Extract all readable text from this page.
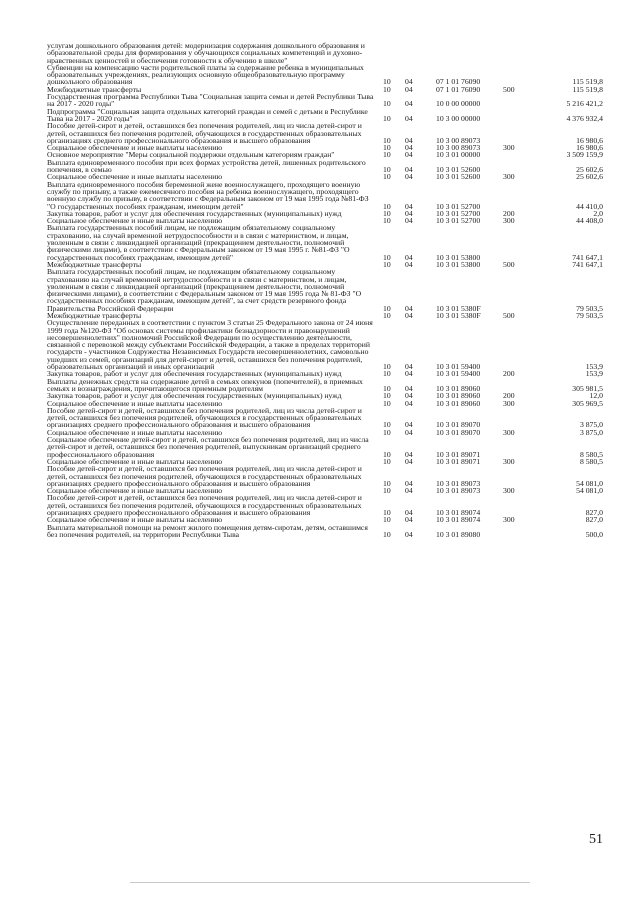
услугам дошкольного образования детей: модернизация содержания дошкольного образования и образовательной среды для формирования у обучающихся социальных компетенций и духовно-нравственных ценностей и обеспечения готовности к обучению в школе"
Субвенции на компенсацию части родительской платы за содержание ребенка в муниципальных образовательных учреждениях, реализующих основную общеобразовательную программу дошкольного образования	10	04	07 1 01 76090	115 519,8
Межбюджетные трансферты	10	04	07 1 01 76090	500	115 519,8
Государственная программа Республики Тыва "Социальная защита семьи и детей Республики Тыва на 2017 - 2020 годы"	10	04	10 0 00 00000	5 216 421,2
Подпрограмма "Социальная защита отдельных категорий граждан и семей с детьми в Республике Тыва на 2017 - 2020 годы"	10	04	10 3 00 00000	4 376 932,4
Пособие детей-сирот и детей, оставшихся без попечения родителей, лиц из числа детей-сирот и детей, оставшихся без попечения родителей, обучающихся в государственных образовательных организациях среднего профессионального образования и высшего образования	10	04	10 3 00 89073	16 980,6
Социальное обеспечение и иные выплаты населению	10	04	10 3 00 89073	300	16 980,6
Основное мероприятие "Меры социальной поддержки отдельным категориям граждан"	10	04	10 3 01 00000	3 509 159,9
Выплата единовременного пособия при всех формах устройства детей, лишенных родительского попечения, в семью	10	04	10 3 01 52600	25 602,6
Социальное обеспечение и иные выплаты населению	10	04	10 3 01 52600	300	25 602,6
Выплата единовременного пособия беременной жене военнослужащего, проходящего военную службу по призыву, а также ежемесячного пособия на ребенка военнослужащего, проходящего военную службу по призыву, в соответствии с Федеральным законом от 19 мая 1995 года №81-ФЗ "О государственных пособиях гражданам, имеющим детей"	10	04	10 3 01 52700	44 410,0
Закупка товаров, работ и услуг для обеспечения государственных (муниципальных) нужд	10	04	10 3 01 52700	200	2,0
Социальное обеспечение и иные выплаты населению	10	04	10 3 01 52700	300	44 408,0
Выплата государственных пособий лицам, не подлежащим обязательному социальному страхованию, на случай временной нетрудоспособности и в связи с материнством, и лицам, уволенным в связи с ликвидацией организаций (прекращением деятельности, полномочий физическими лицами), в соответствии с Федеральным законом от 19 мая 1995 г. №81-ФЗ "О государственных пособиях гражданам, имеющим детей"	10	04	10 3 01 53800	741 647,1
Межбюджетные трансферты	10	04	10 3 01 53800	500	741 647,1
Выплата государственных пособий лицам, не подлежащим обязательному социальному страхованию на случай временной нетрудоспособности и в связи с материнством, и лицам, уволенным в связи с ликвидацией организаций (прекращением деятельности, полномочий физическими лицами), в соответствии с Федеральным законом от 19 мая 1995 года № 81-ФЗ "О государственных пособиях гражданам, имеющим детей", за счет средств резервного фонда Правительства Российской Федерации	10	04	10 3 01 5380F	79 503,5
Межбюджетные трансферты	10	04	10 3 01 5380F	500	79 503,5
Осуществление переданных в соответствии с пунктом 3 статьи 25 Федерального закона от 24 июня 1999 года №120-ФЗ "Об основах системы профилактики безнадзорности и правонарушений несовершеннолетних" полномочий Российской Федерации по осуществлению деятельности, связанной с перевозкой между субъектами Российской Федерации, а также в пределах территорий государств - участников Содружества Независимых Государств несовершеннолетних, самовольно ушедших из семей, организаций для детей-сирот и детей, оставшихся без попечения родителей, образовательных организаций и иных организаций	10	04	10 3 01 59400	153,9
Закупка товаров, работ и услуг для обеспечения государственных (муниципальных) нужд	10	04	10 3 01 59400	200	153,9
Выплаты денежных средств на содержание детей в семьях опекунов (попечителей), в приемных семьях и вознаграждения, причитающегося приемным родителям	10	04	10 3 01 89060	305 981,5
Закупка товаров, работ и услуг для обеспечения государственных (муниципальных) нужд	10	04	10 3 01 89060	200	12,0
Социальное обеспечение и иные выплаты населению	10	04	10 3 01 89060	300	305 969,5
Пособие детей-сирот и детей, оставшихся без попечения родителей, лиц из числа детей-сирот и детей, оставшихся без попечения родителей, обучающихся в государственных образовательных организациях среднего профессионального образования и высшего образования	10	04	10 3 01 89070	3 875,0
Социальное обеспечение и иные выплаты населению	10	04	10 3 01 89070	300	3 875,0
Социальное обеспечение детей-сирот и детей, оставшихся без попечения родителей, лиц из числа детей-сирот и детей, оставшихся без попечения родителей, выпускникам организаций среднего профессионального образования	10	04	10 3 01 89071	8 580,5
Социальное обеспечение и иные выплаты населению	10	04	10 3 01 89071	300	8 580,5
Пособие детей-сирот и детей, оставшихся без попечения родителей, лиц из числа детей-сирот и детей, оставшихся без попечения родителей, обучающихся в государственных образовательных организациях среднего профессионального образования и высшего образования	10	04	10 3 01 89073	54 081,0
Социальное обеспечение и иные выплаты населению	10	04	10 3 01 89073	300	54 081,0
Пособие детей-сирот и детей, оставшихся без попечения родителей, лиц из числа детей-сирот и детей, оставшихся без попечения родителей, обучающихся в государственных образовательных организациях среднего профессионального образования и высшего образования	10	04	10 3 01 89074	827,0
Социальное обеспечение и иные выплаты населению	10	04	10 3 01 89074	300	827,0
Выплата материальной помощи на ремонт жилого помещения детям-сиротам, детям, оставшимся без попечения родителей, на территории Республики Тыва	10	04	10 3 01 89080	500,0
51
